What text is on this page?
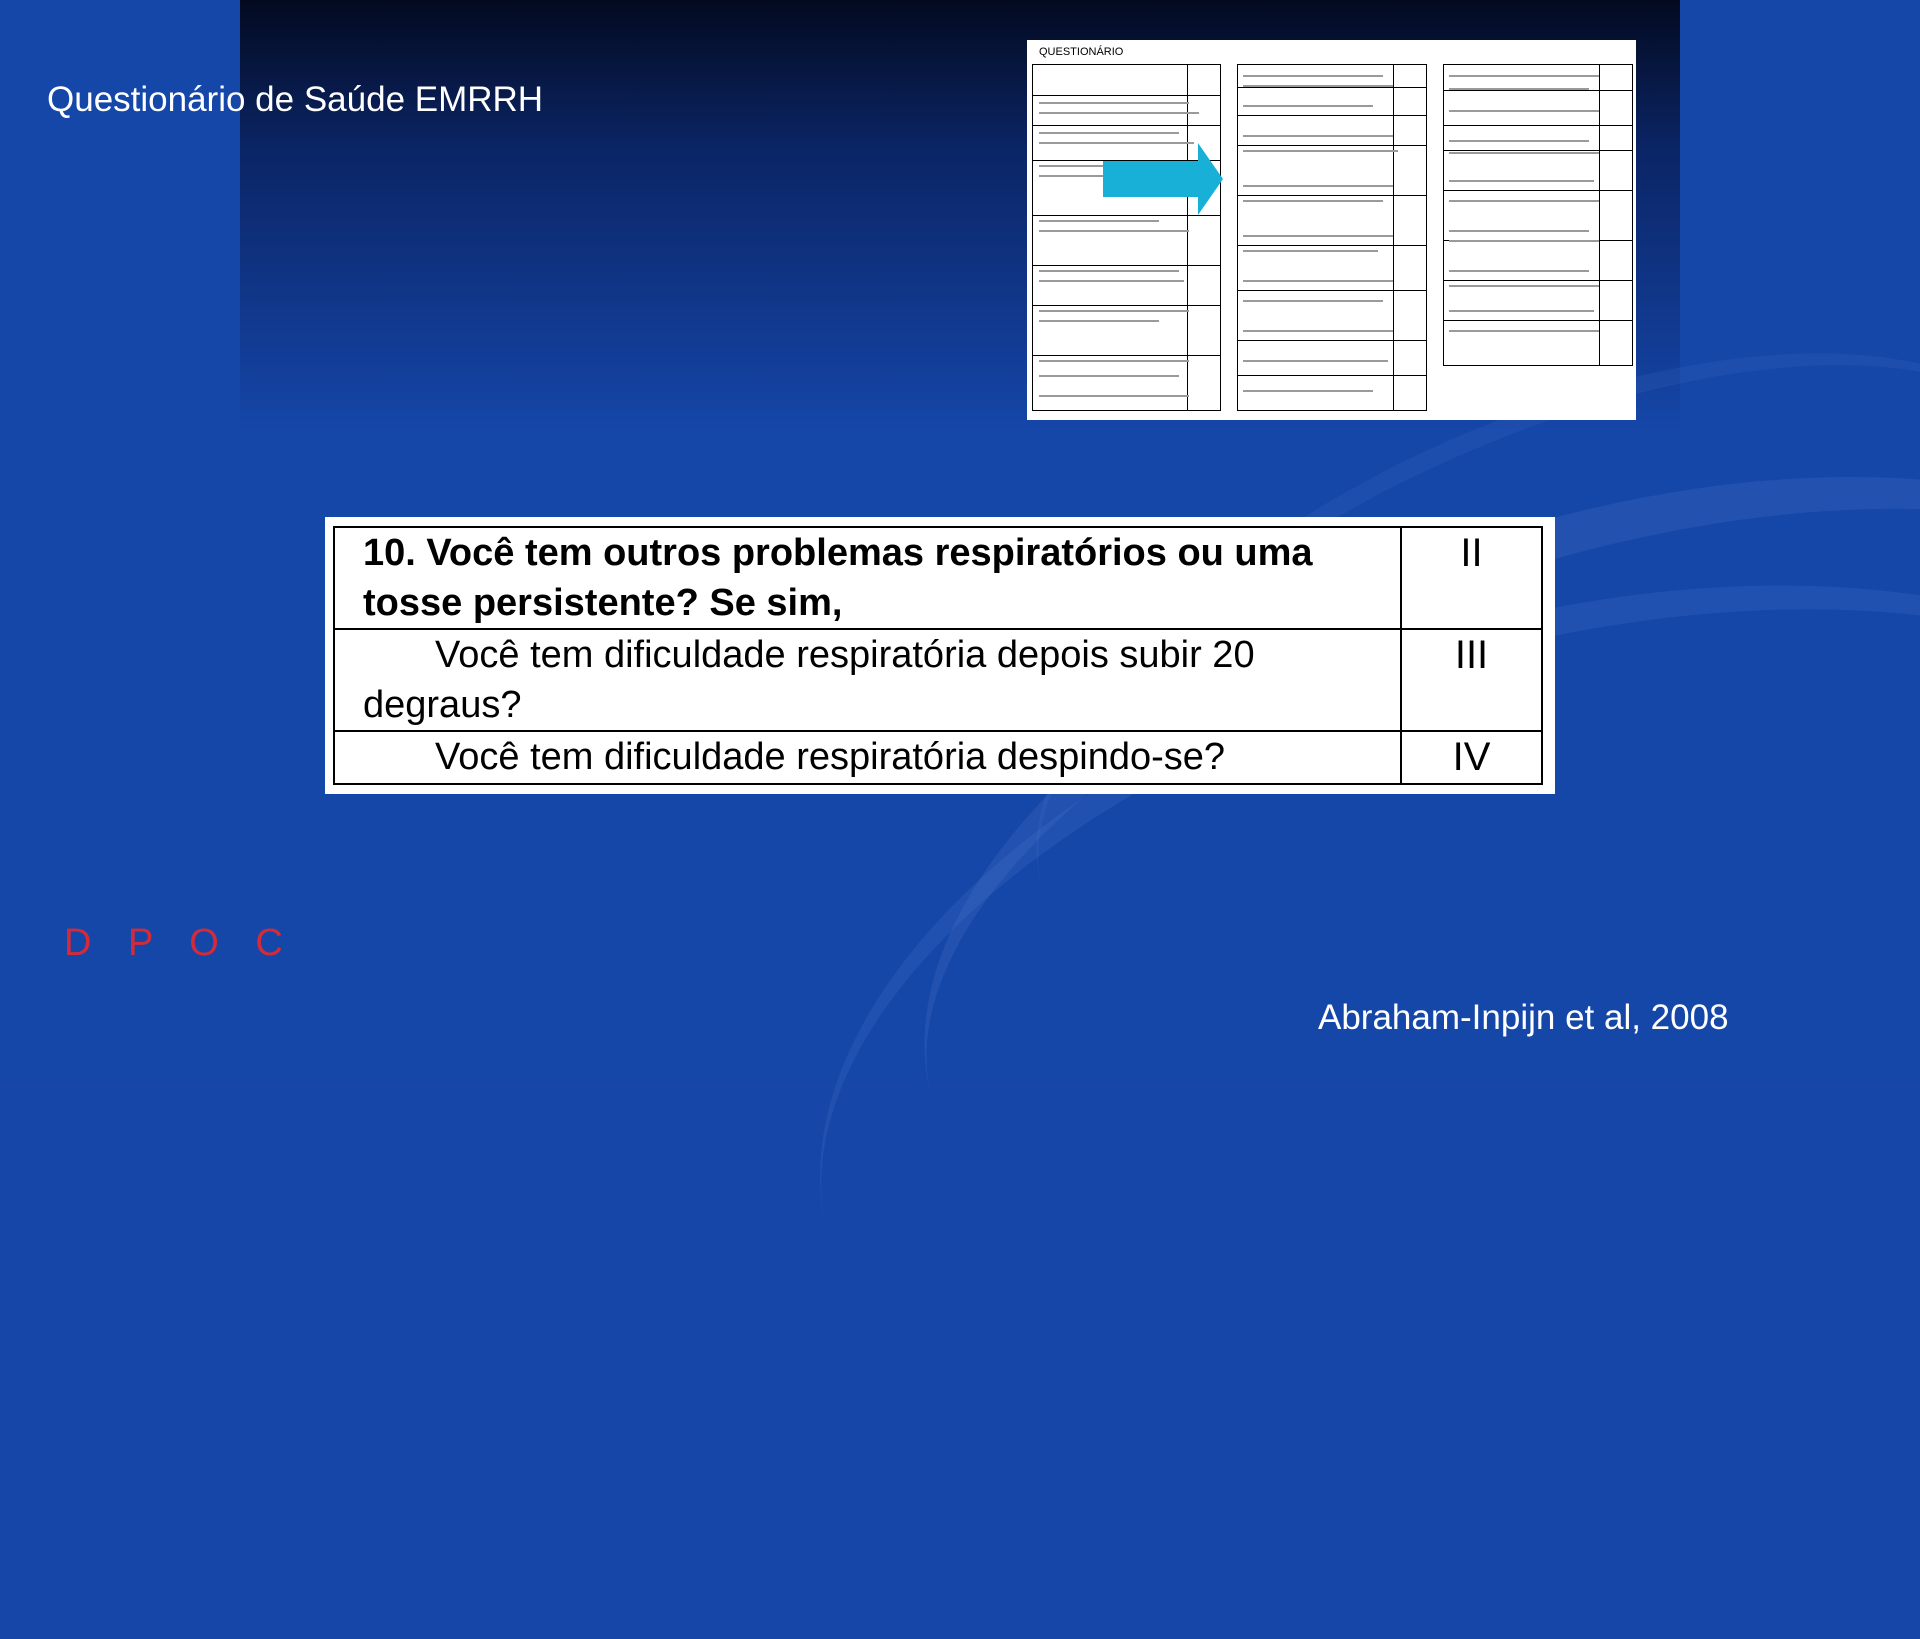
Questionário de Saúde EMRRH
QUESTIONÁRIO
10. Você tem outros problemas respiratórios ou uma tosse persistente? Se sim,	II
Você tem dificuldade respiratória depois subir 20 degraus?	III
Você tem dificuldade respiratória despindo-se?	IV
D P O C
Abraham-Inpijn et al, 2008
